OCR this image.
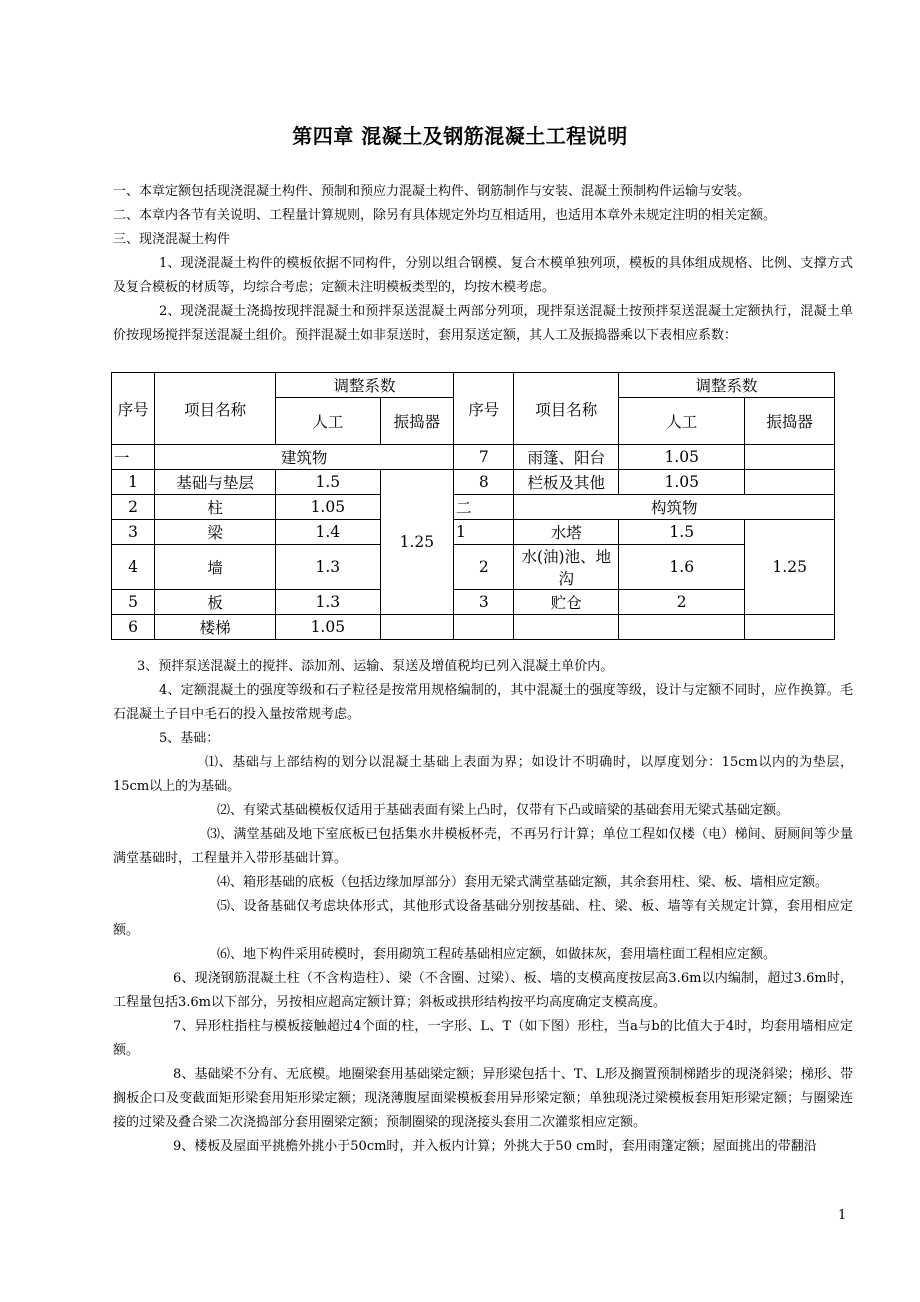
第四章 混凝土及钢筋混凝土工程说明
一、本章定额包括现浇混凝土构件、预制和预应力混凝土构件、钢筋制作与安装、混凝土预制构件运输与安装。
二、本章内各节有关说明、工程量计算规则，除另有具体规定外均互相适用，也适用本章外未规定注明的相关定额。
三、现浇混凝土构件
1、现浇混凝土构件的模板依据不同构件，分别以组合钢模、复合木模单独列项，模板的具体组成规格、比例、支撑方式及复合模板的材质等，均综合考虑；定额未注明模板类型的，均按木模考虑。
2、现浇混凝土浇捣按现拌混凝土和预拌泵送混凝土两部分列项，现拌泵送混凝土按预拌泵送混凝土定额执行，混凝土单价按现场搅拌泵送混凝土组价。预拌混凝土如非泵送时，套用泵送定额，其人工及振捣器乘以下表相应系数：
序号	项目名称	调整系数		序号	项目名称	调整系数	
		人工	振捣器			人工	振捣器
一	建筑物			7	雨篷、阳台	1.05	
1	基础与垫层	1.5	1.25	8	栏板及其他	1.05	
2	柱	1.05		二	构筑物		
3	梁	1.4		1	水塔	1.5	1.25
4	墙	1.3		2	水(油)池、地沟	1.6	
5	板	1.3		3	贮仓	2	
6	楼梯	1.05					
3、预拌泵送混凝土的搅拌、添加剂、运输、泵送及增值税均已列入混凝土单价内。
4、定额混凝土的强度等级和石子粒径是按常用规格编制的，其中混凝土的强度等级，设计与定额不同时，应作换算。毛石混凝土子目中毛石的投入量按常规考虑。
5、基础：
⑴、基础与上部结构的划分以混凝土基础上表面为界；如设计不明确时，以厚度划分：15cm以内的为垫层，15cm以上的为基础。
⑵、有梁式基础模板仅适用于基础表面有梁上凸时，仅带有下凸或暗梁的基础套用无梁式基础定额。
⑶、满堂基础及地下室底板已包括集水井模板杯壳，不再另行计算；单位工程如仅楼（电）梯间、厨厕间等少量满堂基础时，工程量并入带形基础计算。
⑷、箱形基础的底板（包括边缘加厚部分）套用无梁式满堂基础定额，其余套用柱、梁、板、墙相应定额。
⑸、设备基础仅考虑块体形式，其他形式设备基础分别按基础、柱、梁、板、墙等有关规定计算，套用相应定额。
⑹、地下构件采用砖模时，套用砌筑工程砖基础相应定额，如做抹灰，套用墙柱面工程相应定额。
6、现浇钢筋混凝土柱（不含构造柱）、梁（不含圈、过梁）、板、墙的支模高度按层高3.6m以内编制，超过3.6m时，工程量包括3.6m以下部分，另按相应超高定额计算；斜板或拱形结构按平均高度确定支模高度。
7、异形柱指柱与模板接触超过4个面的柱，一字形、L、T（如下图）形柱，当a与b的比值大于4时，均套用墙相应定额。
8、基础梁不分有、无底模。地圈梁套用基础梁定额；异形梁包括十、T、L形及搁置预制梯踏步的现浇斜梁；梯形、带搁板企口及变截面矩形梁套用矩形梁定额；现浇薄腹屋面梁模板套用异形梁定额；单独现浇过梁模板套用矩形梁定额；与圈梁连接的过梁及叠合梁二次浇捣部分套用圈梁定额；预制圈梁的现浇接头套用二次灌浆相应定额。
9、楼板及屋面平挑檐外挑小于50cm时，并入板内计算；外挑大于50 cm时，套用雨篷定额；屋面挑出的带翻沿
1
